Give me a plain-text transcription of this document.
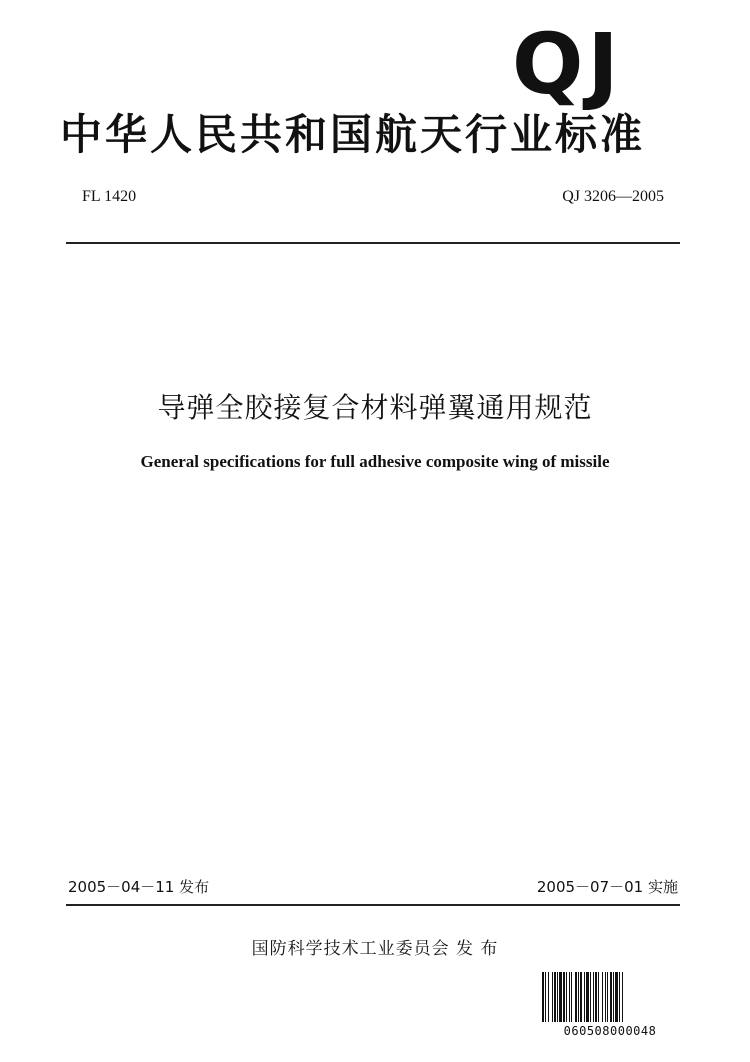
QJ
中华人民共和国航天行业标准
FL 1420	QJ 3206—2005
导弹全胶接复合材料弹翼通用规范
General specifications for full adhesive composite wing of missile
2005－04－11 发布	2005－07－01 实施
国防科学技术工业委员会 发 布
060508000048
